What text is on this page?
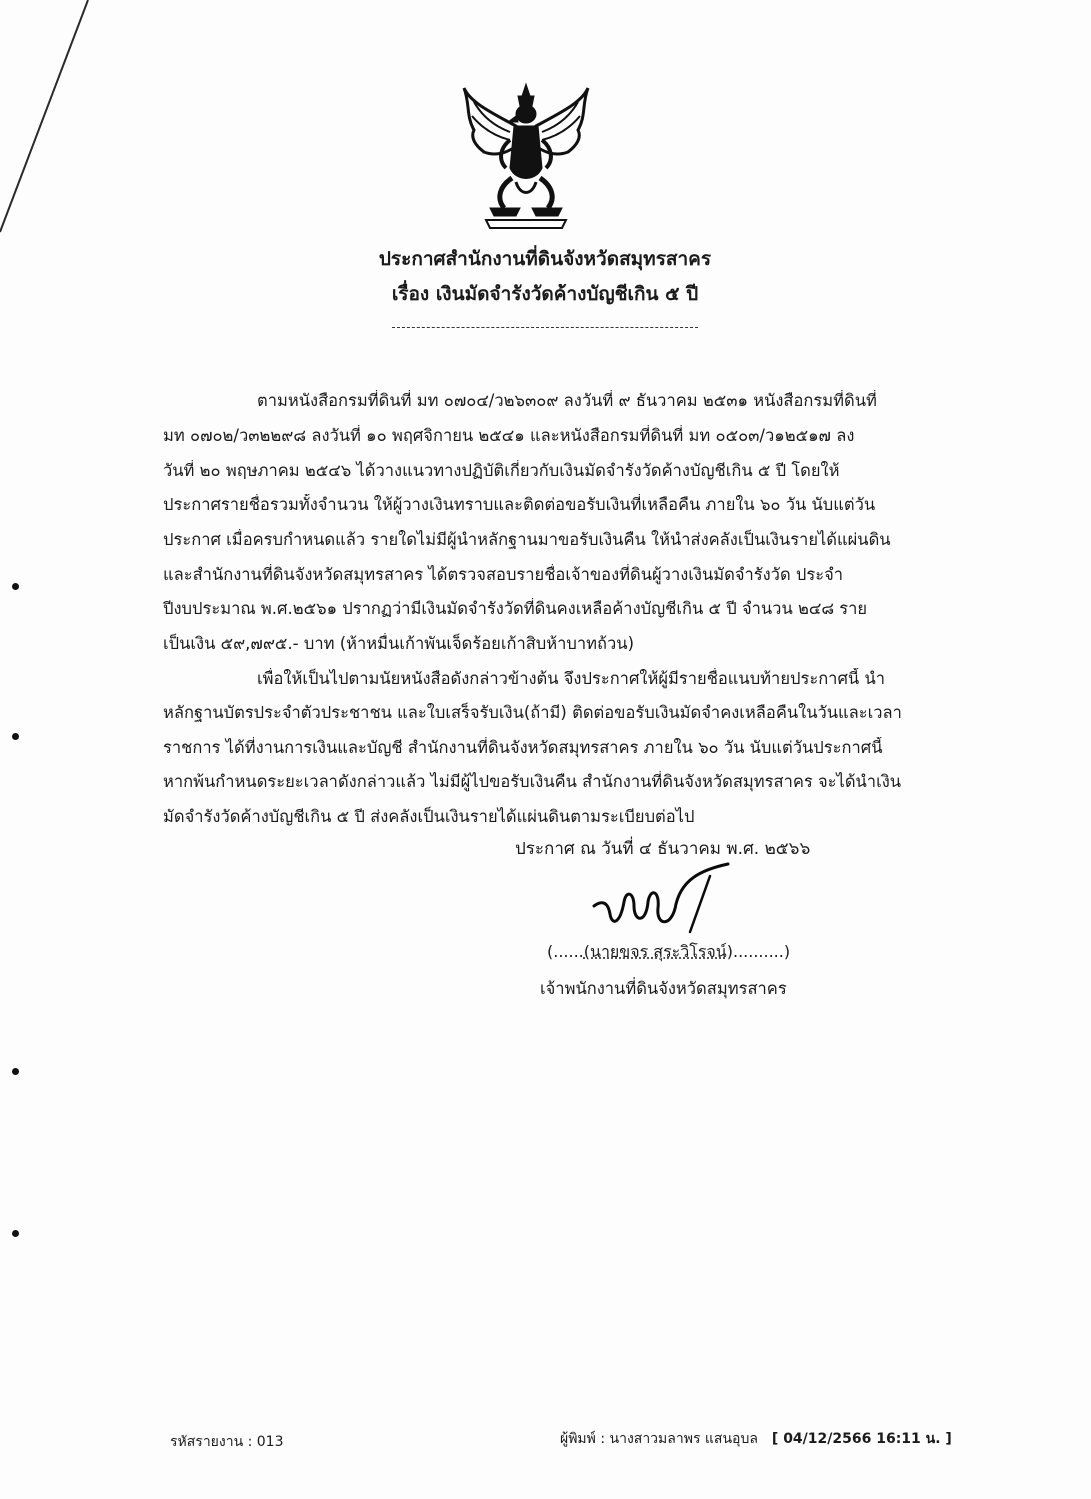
ประกาศสำนักงานที่ดินจังหวัดสมุทรสาคร
เรื่อง เงินมัดจำรังวัดค้างบัญชีเกิน ๕ ปี
ตามหนังสือกรมที่ดินที่ มท ๐๗๐๔/ว๒๖๓๐๙ ลงวันที่ ๙ ธันวาคม ๒๕๓๑ หนังสือกรมที่ดินที่
มท ๐๗๐๒/ว๓๒๒๙๘ ลงวันที่ ๑๐ พฤศจิกายน ๒๕๔๑ และหนังสือกรมที่ดินที่ มท ๐๕๐๓/ว๑๒๕๑๗ ลง
วันที่ ๒๐ พฤษภาคม ๒๕๔๖ ได้วางแนวทางปฏิบัติเกี่ยวกับเงินมัดจำรังวัดค้างบัญชีเกิน ๕ ปี โดยให้
ประกาศรายชื่อรวมทั้งจำนวน ให้ผู้วางเงินทราบและติดต่อขอรับเงินที่เหลือคืน ภายใน ๖๐ วัน นับแต่วัน
ประกาศ เมื่อครบกำหนดแล้ว รายใดไม่มีผู้นำหลักฐานมาขอรับเงินคืน ให้นำส่งคลังเป็นเงินรายได้แผ่นดิน
และสำนักงานที่ดินจังหวัดสมุทรสาคร ได้ตรวจสอบรายชื่อเจ้าของที่ดินผู้วางเงินมัดจำรังวัด ประจำ
ปีงบประมาณ พ.ศ.๒๕๖๑ ปรากฏว่ามีเงินมัดจำรังวัดที่ดินคงเหลือค้างบัญชีเกิน ๕ ปี จำนวน ๒๔๘ ราย
เป็นเงิน ๕๙,๗๙๕.- บาท (ห้าหมื่นเก้าพันเจ็ดร้อยเก้าสิบห้าบาทถ้วน)
เพื่อให้เป็นไปตามนัยหนังสือดังกล่าวข้างต้น จึงประกาศให้ผู้มีรายชื่อแนบท้ายประกาศนี้ นำ
หลักฐานบัตรประจำตัวประชาชน และใบเสร็จรับเงิน(ถ้ามี) ติดต่อขอรับเงินมัดจำคงเหลือคืนในวันและเวลา
ราชการ ได้ที่งานการเงินและบัญชี สำนักงานที่ดินจังหวัดสมุทรสาคร ภายใน ๖๐ วัน นับแต่วันประกาศนี้
หากพ้นกำหนดระยะเวลาดังกล่าวแล้ว ไม่มีผู้ไปขอรับเงินคืน สำนักงานที่ดินจังหวัดสมุทรสาคร จะได้นำเงิน
มัดจำรังวัดค้างบัญชีเกิน ๕ ปี ส่งคลังเป็นเงินรายได้แผ่นดินตามระเบียบต่อไป
ประกาศ ณ วันที่ ๔ ธันวาคม พ.ศ. ๒๕๖๖
(......(นายขจร สุระวิโรจน์)..........)
เจ้าพนักงานที่ดินจังหวัดสมุทรสาคร
รหัสรายงาน : 013	ผู้พิมพ์ : นางสาวมลาพร แสนอุบล [ 04/12/2566 16:11 น. ]
